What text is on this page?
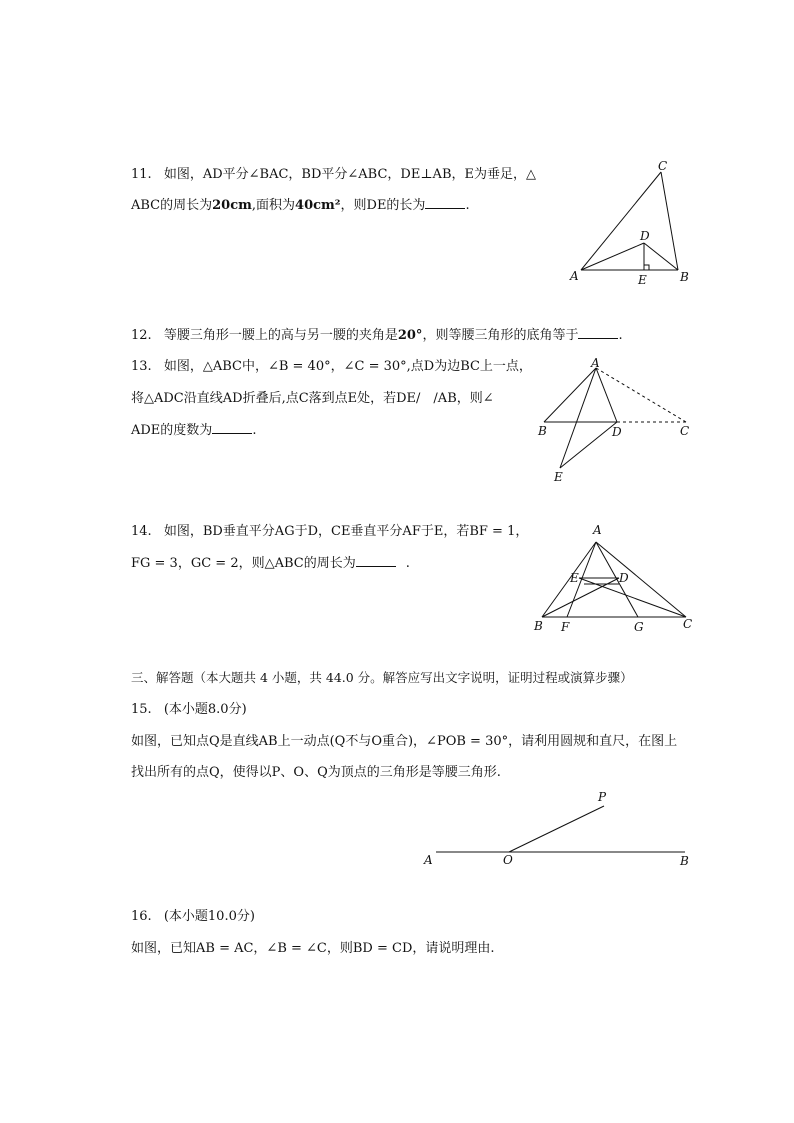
11. 如图，AD平分∠BAC，BD平分∠ABC，DE⊥AB，E为垂足，△
ABC的周长为20cm,面积为40cm²，则DE的长为	.
A	B
C
D
E
12. 等腰三角形一腰上的高与另一腰的夹角是20°，则等腰三角形的底角等于	.
13. 如图，△ABC中，∠B = 40°，∠C = 30°,点D为边BC上一点，
将△ADC沿直线AD折叠后,点C落到点E处，若DE/　/AB，则∠
ADE的度数为	.
A
B	C
D
E
14. 如图，BD垂直平分AG于D，CE垂直平分AF于E，若BF = 1，
FG = 3，GC = 2，则△ABC的周长为	.
A
B	C
D
E
F	G
三、解答题（本大题共 4 小题，共 44.0 分。解答应写出文字说明，证明过程或演算步骤）
15. (本小题8.0分)
如图，已知点Q是直线AB上一动点(Q不与O重合)，∠POB = 30°，请利用圆规和直尺，在图上
找出所有的点Q，使得以P、O、Q为顶点的三角形是等腰三角形.
P
A	O	B
16. (本小题10.0分)
如图，已知AB = AC，∠B = ∠C，则BD = CD，请说明理由.
